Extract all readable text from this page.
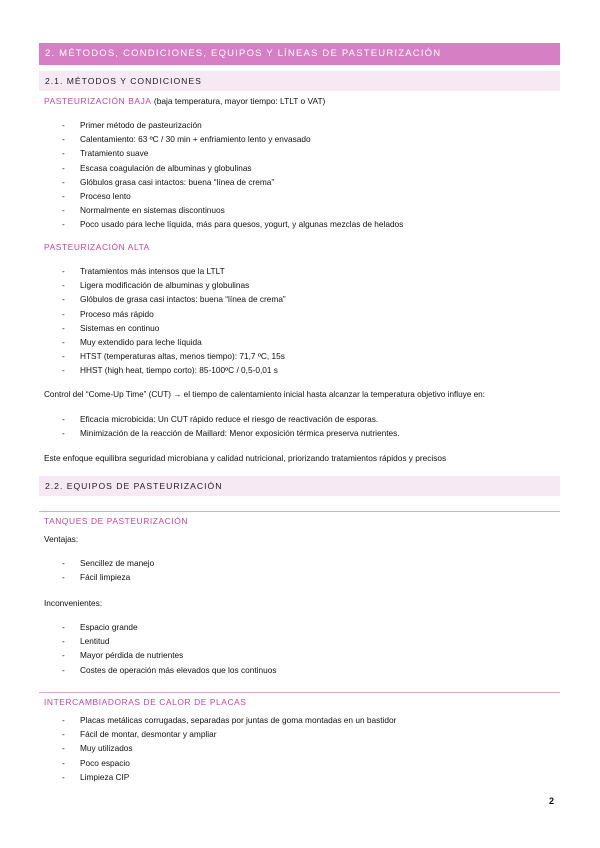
2. MÉTODOS, CONDICIONES, EQUIPOS Y LÍNEAS DE PASTEURIZACIÓN
2.1. MÉTODOS Y CONDICIONES
PASTEURIZACIÓN BAJA (baja temperatura, mayor tiempo: LTLT o VAT)
- Primer método de pasteurización
- Calentamiento: 63 ºC / 30 min + enfriamiento lento y envasado
- Tratamiento suave
- Escasa coagulación de albuminas y globulinas
- Glóbulos grasa casi intactos: buena “línea de crema”
- Proceso lento
- Normalmente en sistemas discontinuos
- Poco usado para leche líquida, más para quesos, yogurt, y algunas mezclas de helados
PASTEURIZACIÓN ALTA
- Tratamientos más intensos que la LTLT
- Ligera modificación de albuminas y globulinas
- Glóbulos de grasa casi intactos: buena “línea de crema”
- Proceso más rápido
- Sistemas en continuo
- Muy extendido para leche líquida
- HTST (temperaturas altas, menos tiempo): 71,7 ºC, 15s
- HHST (high heat, tiempo corto): 85-100ºC / 0,5-0,01 s
Control del “Come-Up Time” (CUT) → el tiempo de calentamiento inicial hasta alcanzar la temperatura objetivo influye en:
- Eficacia microbicida: Un CUT rápido reduce el riesgo de reactivación de esporas.
- Minimización de la reacción de Maillard: Menor exposición térmica preserva nutrientes.
Este enfoque equilibra seguridad microbiana y calidad nutricional, priorizando tratamientos rápidos y precisos
2.2. EQUIPOS DE PASTEURIZACIÓN
TANQUES DE PASTEURIZACIÓN
Ventajas:
- Sencillez de manejo
- Fácil limpieza
Inconvenientes:
- Espacio grande
- Lentitud
- Mayor pérdida de nutrientes
- Costes de operación más elevados que los continuos
INTERCAMBIADORAS DE CALOR DE PLACAS
- Placas metálicas corrugadas, separadas por juntas de goma montadas en un bastidor
- Fácil de montar, desmontar y ampliar
- Muy utilizados
- Poco espacio
- Limpieza CIP
2
